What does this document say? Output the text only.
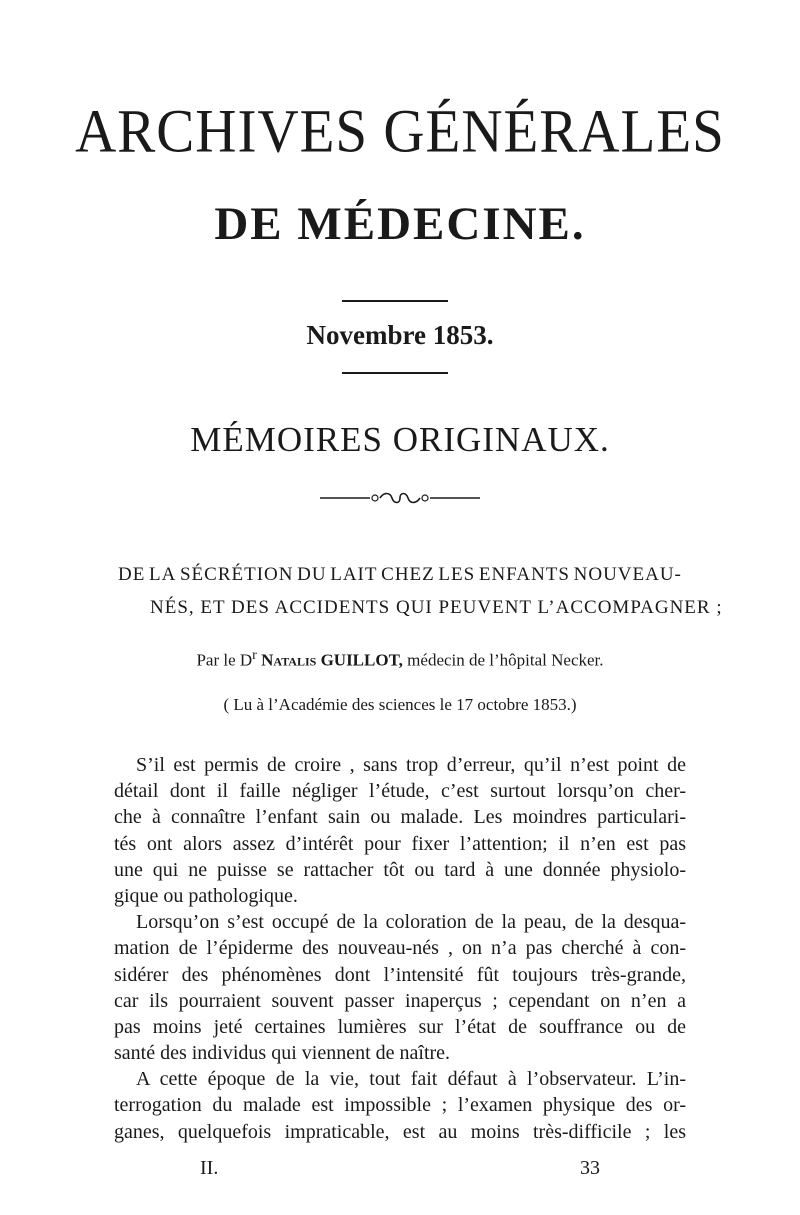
ARCHIVES GÉNÉRALES
DE MÉDECINE.
Novembre 1853.
MÉMOIRES ORIGINAUX.
DE LA SÉCRÉTION DU LAIT CHEZ LES ENFANTS NOUVEAU-
NÉS, ET DES ACCIDENTS QUI PEUVENT L’ACCOMPAGNER ;
Par le $D^r$ Natalis GUILLOT, médecin de l’hôpital Necker.
( Lu à l’Académie des sciences le 17 octobre 1853.)
S’il est permis de croire , sans trop d’erreur, qu’il n’est point de
détail dont il faille négliger l’étude, c’est surtout lorsqu’on cher-
che à connaître l’enfant sain ou malade. Les moindres particulari-
tés ont alors assez d’intérêt pour fixer l’attention; il n’en est pas
une qui ne puisse se rattacher tôt ou tard à une donnée physiolo-
gique ou pathologique.
Lorsqu’on s’est occupé de la coloration de la peau, de la desqua-
mation de l’épiderme des nouveau-nés , on n’a pas cherché à con-
sidérer des phénomènes dont l’intensité fût toujours très-grande,
car ils pourraient souvent passer inaperçus ; cependant on n’en a
pas moins jeté certaines lumières sur l’état de souffrance ou de
santé des individus qui viennent de naître.
A cette époque de la vie, tout fait défaut à l’observateur. L’in-
terrogation du malade est impossible ; l’examen physique des or-
ganes, quelquefois impraticable, est au moins très-difficile ; les
II.	33
